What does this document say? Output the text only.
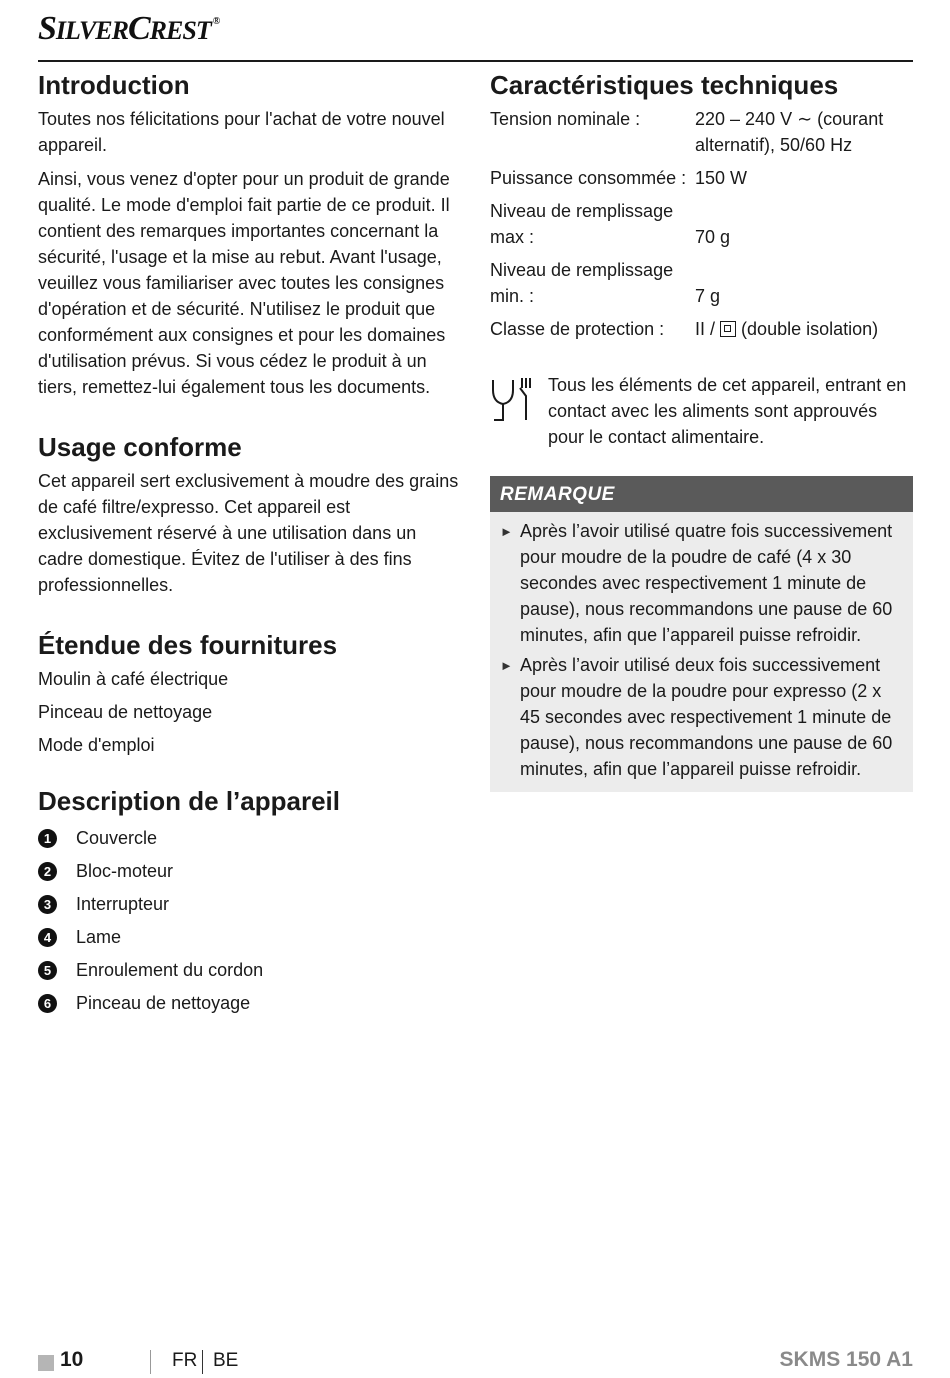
SILVERCREST ®
Introduction

Toutes nos félicitations pour l'achat de votre nouvel appareil.

Ainsi, vous venez d'opter pour un produit de grande qualité. Le mode d'emploi fait partie de ce produit. Il contient des remarques importantes concernant la sécurité, l'usage et la mise au rebut. Avant l'usage, veuillez vous familiariser avec toutes les consignes d'opération et de sécurité. N'utilisez le produit que conformément aux consignes et pour les domaines d'utilisation prévus. Si vous cédez le produit à un tiers, remettez-lui également tous les documents.

Usage conforme

Cet appareil sert exclusivement à moudre des grains de café filtre/expresso. Cet appareil est exclusivement réservé à une utilisation dans un cadre domestique. Évitez de l'utiliser à des fins professionnelles.

Étendue des fournitures
Moulin à café électrique
Pinceau de nettoyage
Mode d'emploi
Description de l’appareil
1	Couvercle
2	Bloc-moteur
3	Interrupteur
4	Lame
5	Enroulement du cordon
6	Pinceau de nettoyage
Caractéristiques techniques
Tension nominale :	220 – 240 V ∼ (courant alternatif), 50/60 Hz
Puissance consommée : 150 W
Niveau de remplissage max :	70 g
Niveau de remplissage min. :	7 g
Classe de protection :	II / (double isolation)

Tous les éléments de cet appareil, entrant en contact avec les aliments sont approuvés pour le contact alimentaire.

REMARQUE
► Après l’avoir utilisé quatre fois successivement pour moudre de la poudre de café (4 x 30 secondes avec respectivement 1 minute de pause), nous recommandons une pause de 60 minutes, afin que l’appareil puisse refroidir.
► Après l’avoir utilisé deux fois successivement pour moudre de la poudre pour expresso (2 x 45 secondes avec respectivement 1 minute de pause), nous recommandons une pause de 60 minutes, afin que l’appareil puisse refroidir.
10	FR BE	SKMS 150 A1
